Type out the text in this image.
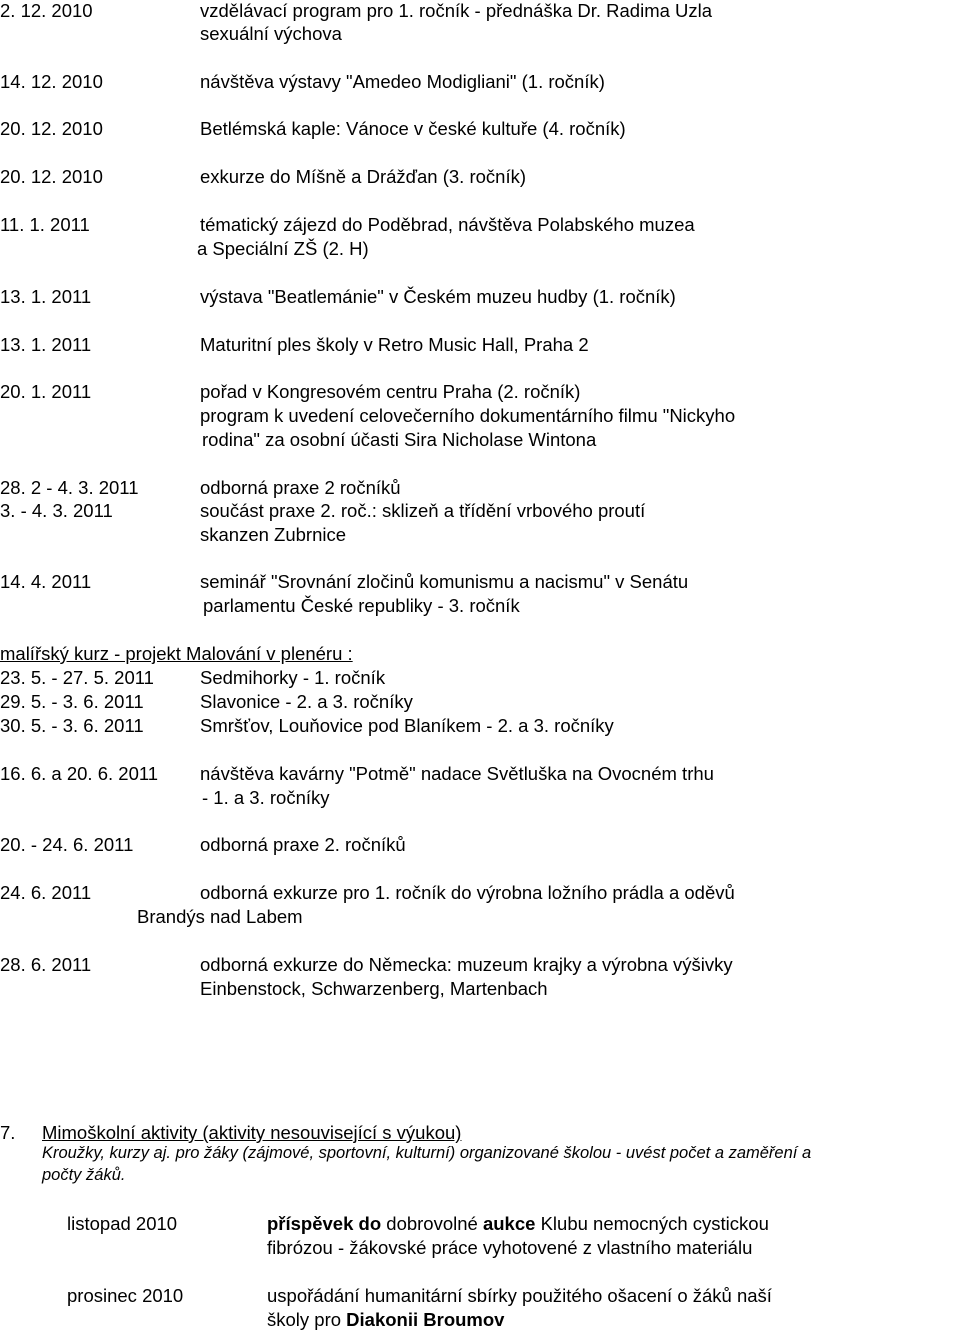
2. 12. 2010	vzdělávací program pro 1. ročník - přednáška Dr. Radima Uzla
sexuální výchova
14. 12. 2010	návštěva výstavy "Amedeo Modigliani" (1. ročník)
20. 12. 2010	Betlémská kaple: Vánoce v české kultuře (4. ročník)
20. 12. 2010	exkurze do Míšně a Drážďan (3. ročník)
11. 1. 2011	tématický zájezd do Poděbrad, návštěva Polabského muzea
a Speciální ZŠ (2. H)
13. 1. 2011	výstava "Beatlemánie" v Českém muzeu hudby (1. ročník)
13. 1. 2011	Maturitní ples školy v Retro Music Hall, Praha 2
20. 1. 2011	pořad v Kongresovém centru Praha (2. ročník)
program k uvedení celovečerního dokumentárního filmu "Nickyho
rodina" za osobní účasti Sira Nicholase Wintona
28. 2 - 4. 3. 2011	odborná praxe 2 ročníků
3. - 4. 3. 2011	součást praxe 2. roč.: sklizeň a třídění vrbového proutí
skanzen Zubrnice
14. 4. 2011	seminář "Srovnání zločinů komunismu a nacismu" v Senátu
parlamentu České republiky - 3. ročník
malířský kurz - projekt Malování v plenéru :
23. 5. - 27. 5. 2011 Sedmihorky - 1. ročník
29. 5. - 3. 6. 2011	Slavonice - 2. a 3. ročníky
30. 5. - 3. 6. 2011	Smršťov, Louňovice pod Blaníkem - 2. a 3. ročníky
16. 6. a 20. 6. 2011 návštěva kavárny "Potmě" nadace Světluška na Ovocném trhu
- 1. a 3. ročníky
20. - 24. 6. 2011	odborná praxe 2. ročníků
24. 6. 2011	odborná exkurze pro 1. ročník do výrobna ložního prádla a oděvů
Brandýs nad Labem
28. 6. 2011	odborná exkurze do Německa: muzeum krajky a výrobna výšivky
Einbenstock, Schwarzenberg, Martenbach
7. Mimoškolní aktivity (aktivity nesouvisející s výukou)
Kroužky, kurzy aj. pro žáky (zájmové, sportovní, kulturní) organizované školou - uvést počet a zaměření a
počty žáků.
listopad 2010	příspěvek do dobrovolné aukce Klubu nemocných cystickou
fibrózou - žákovské práce vyhotovené z vlastního materiálu
prosinec 2010	uspořádání humanitární sbírky použitého ošacení o žáků naší
školy pro Diakonii Broumov
